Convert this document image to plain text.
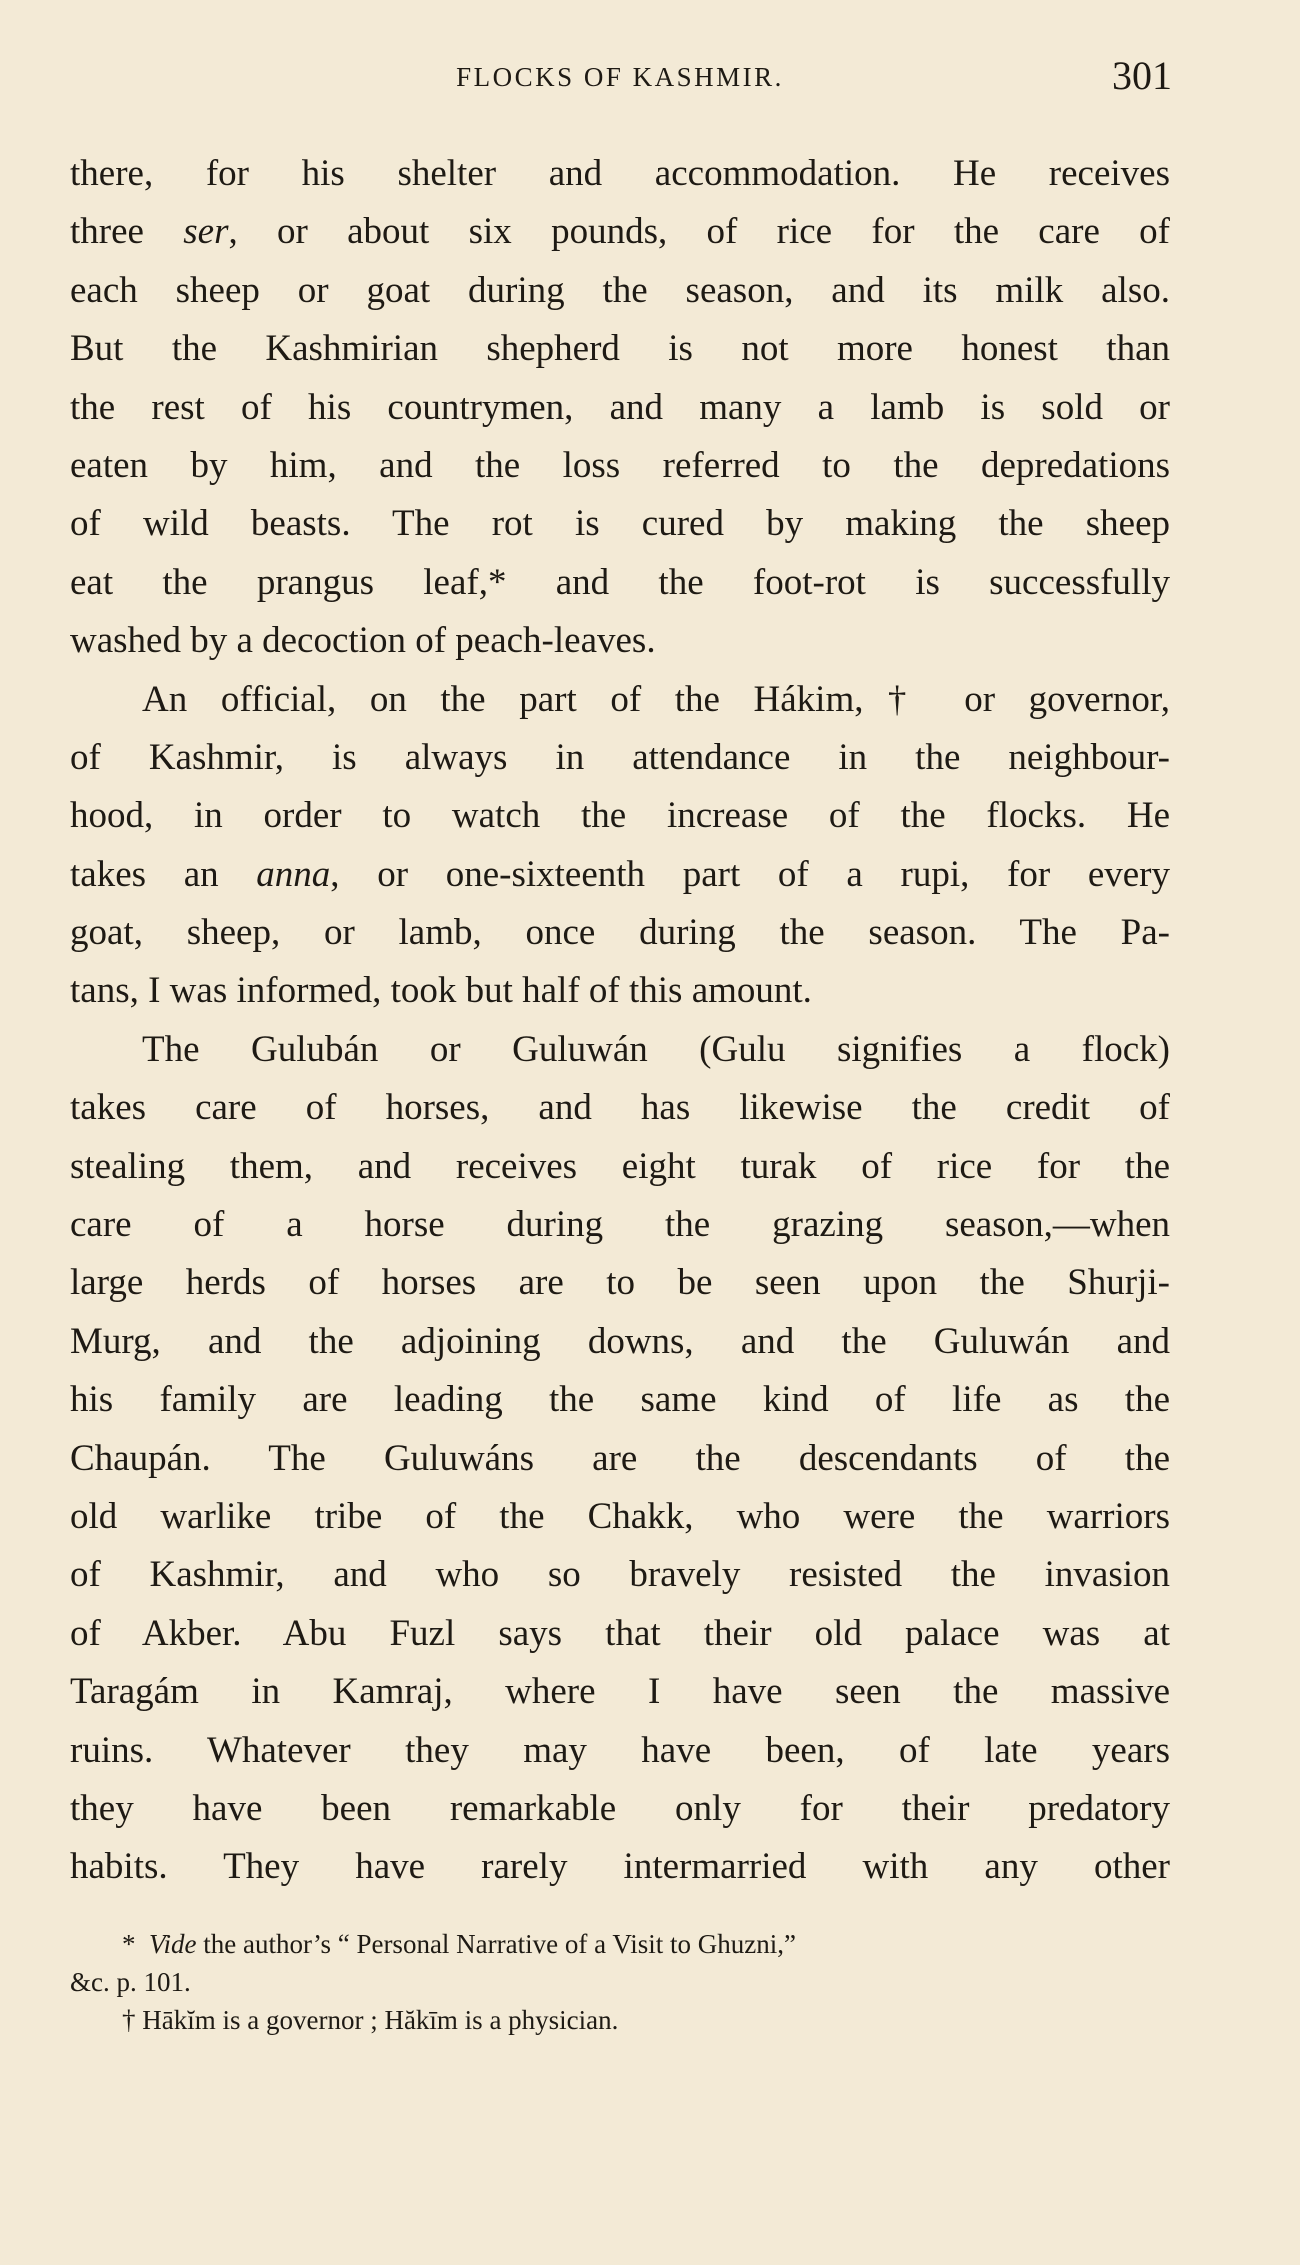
FLOCKS OF KASHMIR.	301
there, for his shelter and accommodation. He receives
three ser, or about six pounds, of rice for the care of
each sheep or goat during the season, and its milk also.
But the Kashmirian shepherd is not more honest than
the rest of his countrymen, and many a lamb is sold or
eaten by him, and the loss referred to the depredations
of wild beasts. The rot is cured by making the sheep
eat the prangus leaf,* and the foot-rot is successfully
washed by a decoction of peach-leaves.
An official, on the part of the Hákim,† or governor,
of Kashmir, is always in attendance in the neighbour-
hood, in order to watch the increase of the flocks. He
takes an anna, or one-sixteenth part of a rupi, for every
goat, sheep, or lamb, once during the season. The Pa-
tans, I was informed, took but half of this amount.
The Gulubán or Guluwán (Gulu signifies a flock)
takes care of horses, and has likewise the credit of
stealing them, and receives eight turak of rice for the
care of a horse during the grazing season,—when
large herds of horses are to be seen upon the Shurji-
Murg, and the adjoining downs, and the Guluwán and
his family are leading the same kind of life as the
Chaupán. The Guluwáns are the descendants of the
old warlike tribe of the Chakk, who were the warriors
of Kashmir, and who so bravely resisted the invasion
of Akber. Abu Fuzl says that their old palace was at
Taragám in Kamraj, where I have seen the massive
ruins. Whatever they may have been, of late years
they have been remarkable only for their predatory
habits. They have rarely intermarried with any other
* Vide the author’s “ Personal Narrative of a Visit to Ghuzni,”
&c. p. 101.
† Hākĭm is a governor ; Hăkīm is a physician.
